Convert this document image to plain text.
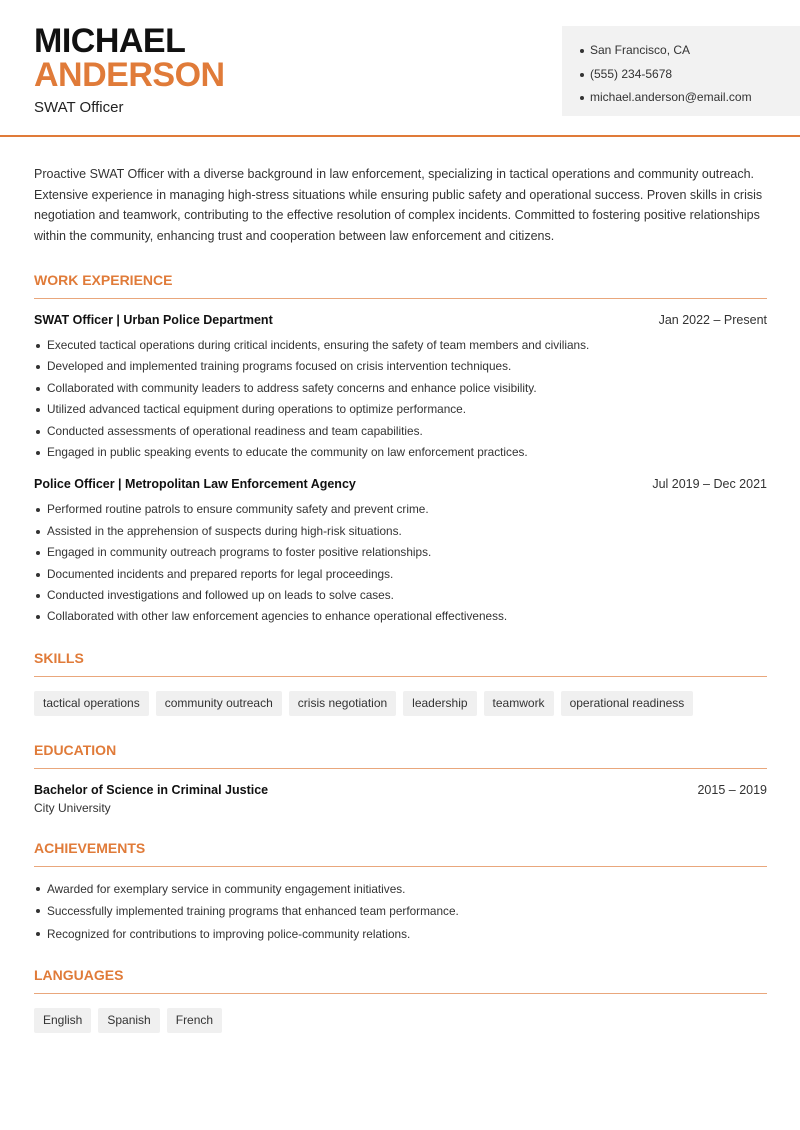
MICHAEL
ANDERSON
SWAT Officer
San Francisco, CA
(555) 234-5678
michael.anderson@email.com

Proactive SWAT Officer with a diverse background in law enforcement, specializing in tactical operations and community outreach. Extensive experience in managing high-stress situations while ensuring public safety and operational success. Proven skills in crisis negotiation and teamwork, contributing to the effective resolution of complex incidents. Committed to fostering positive relationships within the community, enhancing trust and cooperation between law enforcement and citizens.

WORK EXPERIENCE
SWAT Officer | Urban Police Department	Jan 2022 – Present
Executed tactical operations during critical incidents, ensuring the safety of team members and civilians.
Developed and implemented training programs focused on crisis intervention techniques.
Collaborated with community leaders to address safety concerns and enhance police visibility.
Utilized advanced tactical equipment during operations to optimize performance.
Conducted assessments of operational readiness and team capabilities.
Engaged in public speaking events to educate the community on law enforcement practices.
Police Officer | Metropolitan Law Enforcement Agency	Jul 2019 – Dec 2021
Performed routine patrols to ensure community safety and prevent crime.
Assisted in the apprehension of suspects during high-risk situations.
Engaged in community outreach programs to foster positive relationships.
Documented incidents and prepared reports for legal proceedings.
Conducted investigations and followed up on leads to solve cases.
Collaborated with other law enforcement agencies to enhance operational effectiveness.
SKILLS
tactical operations	community outreach	crisis negotiation	leadership	teamwork	operational readiness
EDUCATION
Bachelor of Science in Criminal Justice	2015 – 2019
City University
ACHIEVEMENTS
Awarded for exemplary service in community engagement initiatives.
Successfully implemented training programs that enhanced team performance.
Recognized for contributions to improving police-community relations.
LANGUAGES
English	Spanish	French
